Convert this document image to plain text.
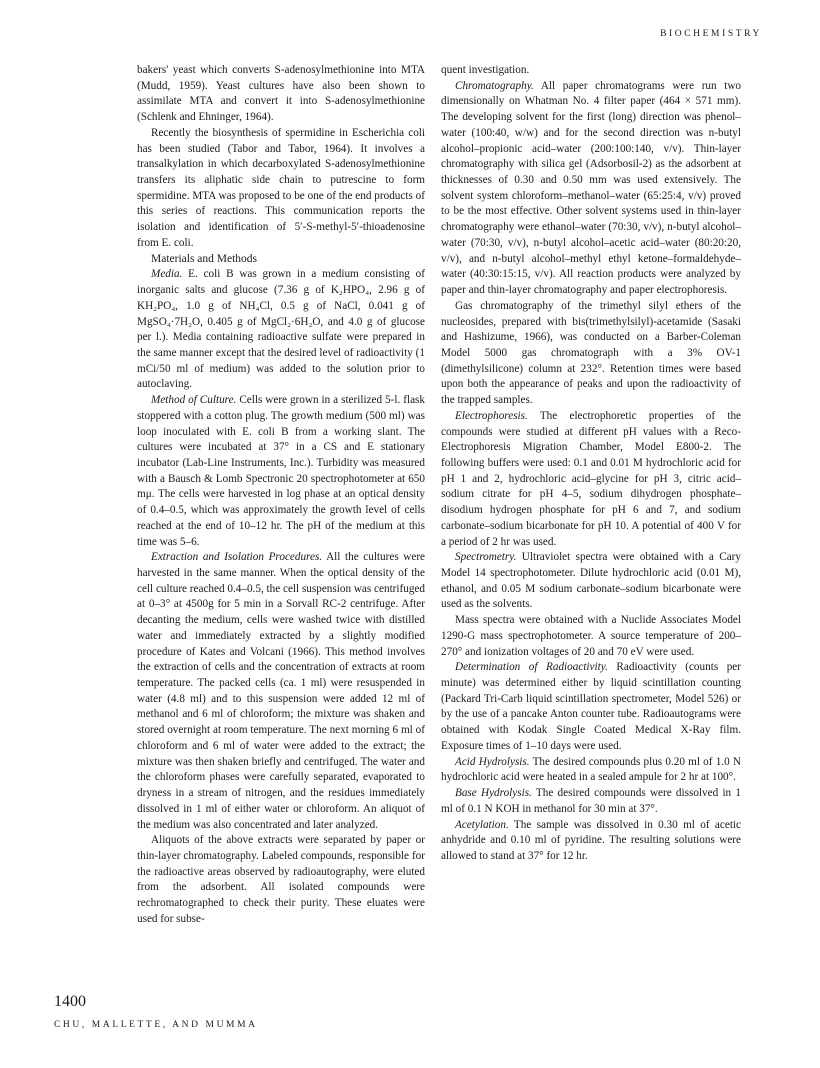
BIOCHEMISTRY

bakers' yeast which converts S-adenosylmethionine into MTA (Mudd, 1959). Yeast cultures have also been shown to assimilate MTA and convert it into S-adenosylmethionine (Schlenk and Ehninger, 1964).

Recently the biosynthesis of spermidine in Escherichia coli has been studied (Tabor and Tabor, 1964). It involves a transalkylation in which decarboxylated S-adenosylmethionine transfers its aliphatic side chain to putrescine to form spermidine. MTA was proposed to be one of the end products of this series of reactions. This communication reports the isolation and identification of 5′-S-methyl-5′-thioadenosine from E. coli.

Materials and Methods

Media. E. coli B was grown in a medium consisting of inorganic salts and glucose (7.36 g of K₂HPO₄, 2.96 g of KH₂PO₄, 1.0 g of NH₄Cl, 0.5 g of NaCl, 0.041 g of MgSO₄·7H₂O, 0.405 g of MgCl₂·6H₂O, and 4.0 g of glucose per l.). Media containing radioactive sulfate were prepared in the same manner except that the desired level of radioactivity (1 mCi/50 ml of medium) was added to the solution prior to autoclaving.

Method of Culture. Cells were grown in a sterilized 5-l. flask stoppered with a cotton plug. The growth medium (500 ml) was loop inoculated with E. coli B from a working slant. The cultures were incubated at 37° in a CS and E stationary incubator (Lab-Line Instruments, Inc.). Turbidity was measured with a Bausch & Lomb Spectronic 20 spectrophotometer at 650 mμ. The cells were harvested in log phase at an optical density of 0.4–0.5, which was approximately the growth level of cells reached at the end of 10–12 hr. The pH of the medium at this time was 5–6.

Extraction and Isolation Procedures. All the cultures were harvested in the same manner. When the optical density of the cell culture reached 0.4–0.5, the cell suspension was centrifuged at 0–3° at 4500g for 5 min in a Sorvall RC-2 centrifuge. After decanting the medium, cells were washed twice with distilled water and immediately extracted by a slightly modified procedure of Kates and Volcani (1966). This method involves the extraction of cells and the concentration of extracts at room temperature. The packed cells (ca. 1 ml) were resuspended in water (4.8 ml) and to this suspension were added 12 ml of methanol and 6 ml of chloroform; the mixture was shaken and stored overnight at room temperature. The next morning 6 ml of chloroform and 6 ml of water were added to the extract; the mixture was then shaken briefly and centrifuged. The water and the chloroform phases were carefully separated, evaporated to dryness in a stream of nitrogen, and the residues immediately dissolved in 1 ml of either water or chloroform. An aliquot of the medium was also concentrated and later analyzed.

Aliquots of the above extracts were separated by paper or thin-layer chromatography. Labeled compounds, responsible for the radioactive areas observed by radioautography, were eluted from the adsorbent. All isolated compounds were rechromatographed to check their purity. These eluates were used for subse-

quent investigation.

Chromatography. All paper chromatograms were run two dimensionally on Whatman No. 4 filter paper (464 × 571 mm). The developing solvent for the first (long) direction was phenol–water (100:40, w/w) and for the second direction was n-butyl alcohol–propionic acid–water (200:100:140, v/v). Thin-layer chromatography with silica gel (Adsorbosil-2) as the adsorbent at thicknesses of 0.30 and 0.50 mm was used extensively. The solvent system chloroform–methanol–water (65:25:4, v/v) proved to be the most effective. Other solvent systems used in thin-layer chromatography were ethanol–water (70:30, v/v), n-butyl alcohol–water (70:30, v/v), n-butyl alcohol–acetic acid–water (80:20:20, v/v), and n-butyl alcohol–methyl ethyl ketone–formaldehyde–water (40:30:15:15, v/v). All reaction products were analyzed by paper and thin-layer chromatography and paper electrophoresis.

Gas chromatography of the trimethyl silyl ethers of the nucleosides, prepared with bis(trimethylsilyl)-acetamide (Sasaki and Hashizume, 1966), was conducted on a Barber-Coleman Model 5000 gas chromatograph with a 3% OV-1 (dimethylsilicone) column at 232°. Retention times were based upon both the appearance of peaks and upon the radioactivity of the trapped samples.

Electrophoresis. The electrophoretic properties of the compounds were studied at different pH values with a Reco-Electrophoresis Migration Chamber, Model E800-2. The following buffers were used: 0.1 and 0.01 M hydrochloric acid for pH 1 and 2, hydrochloric acid–glycine for pH 3, citric acid–sodium citrate for pH 4–5, sodium dihydrogen phosphate–disodium hydrogen phosphate for pH 6 and 7, and sodium carbonate–sodium bicarbonate for pH 10. A potential of 400 V for a period of 2 hr was used.

Spectrometry. Ultraviolet spectra were obtained with a Cary Model 14 spectrophotometer. Dilute hydrochloric acid (0.01 M), ethanol, and 0.05 M sodium carbonate–sodium bicarbonate were used as the solvents.

Mass spectra were obtained with a Nuclide Associates Model 1290-G mass spectrophotometer. A source temperature of 200–270° and ionization voltages of 20 and 70 eV were used.

Determination of Radioactivity. Radioactivity (counts per minute) was determined either by liquid scintillation counting (Packard Tri-Carb liquid scintillation spectrometer, Model 526) or by the use of a pancake Anton counter tube. Radioautograms were obtained with Kodak Single Coated Medical X-Ray film. Exposure times of 1–10 days were used.

Acid Hydrolysis. The desired compounds plus 0.20 ml of 1.0 N hydrochloric acid were heated in a sealed ampule for 2 hr at 100°.

Base Hydrolysis. The desired compounds were dissolved in 1 ml of 0.1 N KOH in methanol for 30 min at 37°.

Acetylation. The sample was dissolved in 0.30 ml of acetic anhydride and 0.10 ml of pyridine. The resulting solutions were allowed to stand at 37° for 12 hr.

1400
CHU, MALLETTE, AND MUMMA
